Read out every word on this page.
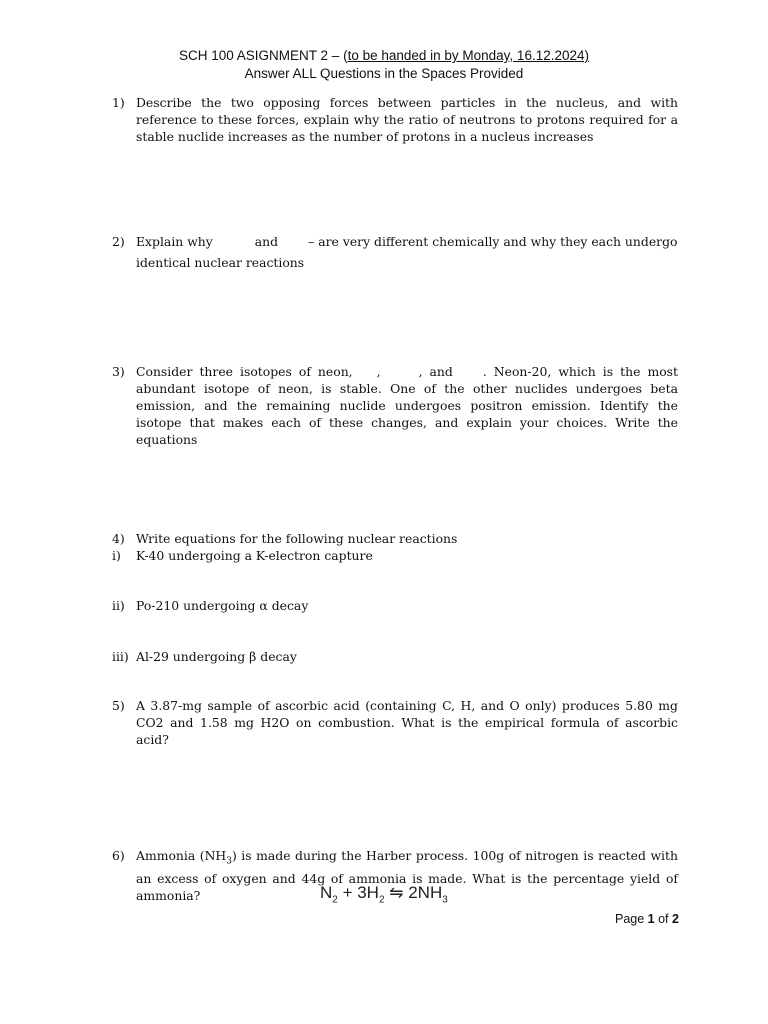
SCH 100 ASIGNMENT 2 – (to be handed in by Monday, 16.12.2024)
Answer ALL Questions in the Spaces Provided
1) Describe the two opposing forces between particles in the nucleus, and with reference to these forces, explain why the ratio of neutrons to protons required for a stable nuclide increases as the number of protons in a nucleus increases
2) Explain why	and – are very different chemically and why they each undergo
identical nuclear reactions
3) Consider three isotopes of neon, ,	, and . Neon-20, which is the most abundant isotope of neon, is stable. One of the other nuclides undergoes beta emission, and the remaining nuclide undergoes positron emission. Identify the isotope that makes each of these changes, and explain your choices. Write the equations
4) Write equations for the following nuclear reactions
i)	K-40 undergoing a K-electron capture
ii) Po-210 undergoing α decay
iii) Al-29 undergoing β decay
5) A 3.87-mg sample of ascorbic acid (containing C, H, and O only) produces 5.80 mg CO2 and 1.58 mg H2O on combustion. What is the empirical formula of ascorbic acid?
6) Ammonia $(NH_3)$ is made during the Harber process. 100g of nitrogen is reacted with an excess of oxygen and 44g of ammonia is made. What is the percentage yield of ammonia?	$N_2 + 3H_2$ ⇋ $2NH_3$
Page 1 of 2
